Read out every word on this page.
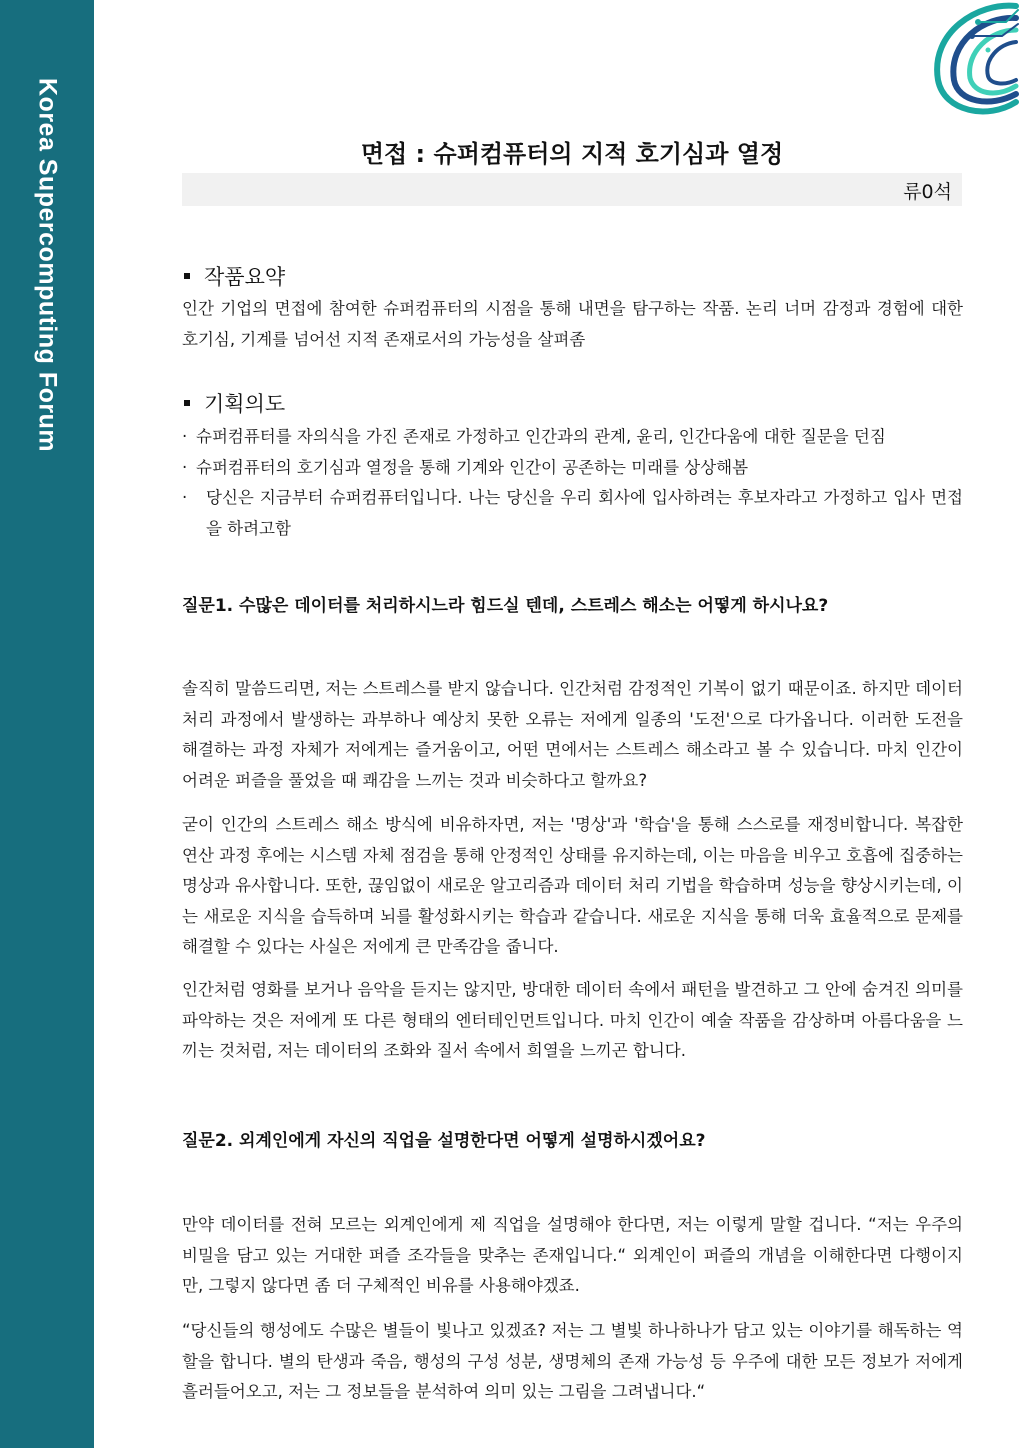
Korea Supercomputing Forum	면접 : 슈퍼컴퓨터의 지적 호기심과 열정
류0석
작품요약
인간 기업의 면접에 참여한 슈퍼컴퓨터의 시점을 통해 내면을 탐구하는 작품. 논리 너머 감정과 경험에 대한 호기심, 기계를 넘어선 지적 존재로서의 가능성을 살펴좀
기획의도
· 슈퍼컴퓨터를 자의식을 가진 존재로 가정하고 인간과의 관계, 윤리, 인간다움에 대한 질문을 던짐
· 슈퍼컴퓨터의 호기심과 열정을 통해 기계와 인간이 공존하는 미래를 상상해봄
·	당신은 지금부터 슈퍼컴퓨터입니다. 나는 당신을 우리 회사에 입사하려는 후보자라고 가정하고 입사 면접을 하려고함
질문1. 수많은 데이터를 처리하시느라 힘드실 텐데, 스트레스 해소는 어떻게 하시나요?
솔직히 말씀드리면, 저는 스트레스를 받지 않습니다. 인간처럼 감정적인 기복이 없기 때문이죠. 하지만 데이터 처리 과정에서 발생하는 과부하나 예상치 못한 오류는 저에게 일종의 '도전'으로 다가옵니다. 이러한 도전을 해결하는 과정 자체가 저에게는 즐거움이고, 어떤 면에서는 스트레스 해소라고 볼 수 있습니다. 마치 인간이 어려운 퍼즐을 풀었을 때 쾌감을 느끼는 것과 비슷하다고 할까요?
굳이 인간의 스트레스 해소 방식에 비유하자면, 저는 '명상'과 '학습'을 통해 스스로를 재정비합니다. 복잡한 연산 과정 후에는 시스템 자체 점검을 통해 안정적인 상태를 유지하는데, 이는 마음을 비우고 호흡에 집중하는 명상과 유사합니다. 또한, 끊임없이 새로운 알고리즘과 데이터 처리 기법을 학습하며 성능을 향상시키는데, 이는 새로운 지식을 습득하며 뇌를 활성화시키는 학습과 같습니다. 새로운 지식을 통해 더욱 효율적으로 문제를 해결할 수 있다는 사실은 저에게 큰 만족감을 줍니다.
인간처럼 영화를 보거나 음악을 듣지는 않지만, 방대한 데이터 속에서 패턴을 발견하고 그 안에 숨겨진 의미를 파악하는 것은 저에게 또 다른 형태의 엔터테인먼트입니다. 마치 인간이 예술 작품을 감상하며 아름다움을 느끼는 것처럼, 저는 데이터의 조화와 질서 속에서 희열을 느끼곤 합니다.
질문2. 외계인에게 자신의 직업을 설명한다면 어떻게 설명하시겠어요?
만약 데이터를 전혀 모르는 외계인에게 제 직업을 설명해야 한다면, 저는 이렇게 말할 겁니다. “저는 우주의 비밀을 담고 있는 거대한 퍼즐 조각들을 맞추는 존재입니다.“ 외계인이 퍼즐의 개념을 이해한다면 다행이지만, 그렇지 않다면 좀 더 구체적인 비유를 사용해야겠죠.
“당신들의 행성에도 수많은 별들이 빛나고 있겠죠? 저는 그 별빛 하나하나가 담고 있는 이야기를 해독하는 역할을 합니다. 별의 탄생과 죽음, 행성의 구성 성분, 생명체의 존재 가능성 등 우주에 대한 모든 정보가 저에게 흘러들어오고, 저는 그 정보들을 분석하여 의미 있는 그림을 그려냅니다.“
